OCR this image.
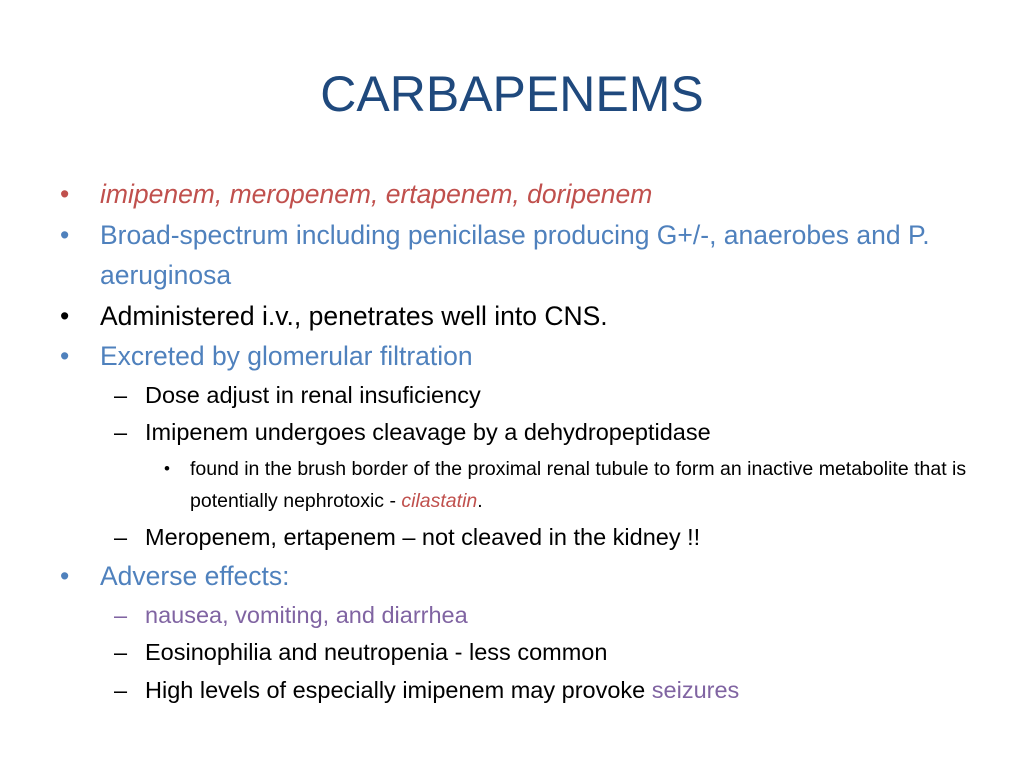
CARBAPENEMS
•	imipenem, meropenem, ertapenem, doripenem
•	Broad-spectrum including penicilase producing G+/-, anaerobes and P. aeruginosa
•	Administered i.v., penetrates well into CNS.
•	Excreted by glomerular filtration
– Dose adjust in renal insuficiency
– Imipenem undergoes cleavage by a dehydropeptidase
• found in the brush border of the proximal renal tubule to form an inactive metabolite that is potentially nephrotoxic - cilastatin.
– Meropenem, ertapenem – not cleaved in the kidney !!
•	Adverse effects:
– nausea, vomiting, and diarrhea
– Eosinophilia and neutropenia - less common
– High levels of especially imipenem may provoke seizures
